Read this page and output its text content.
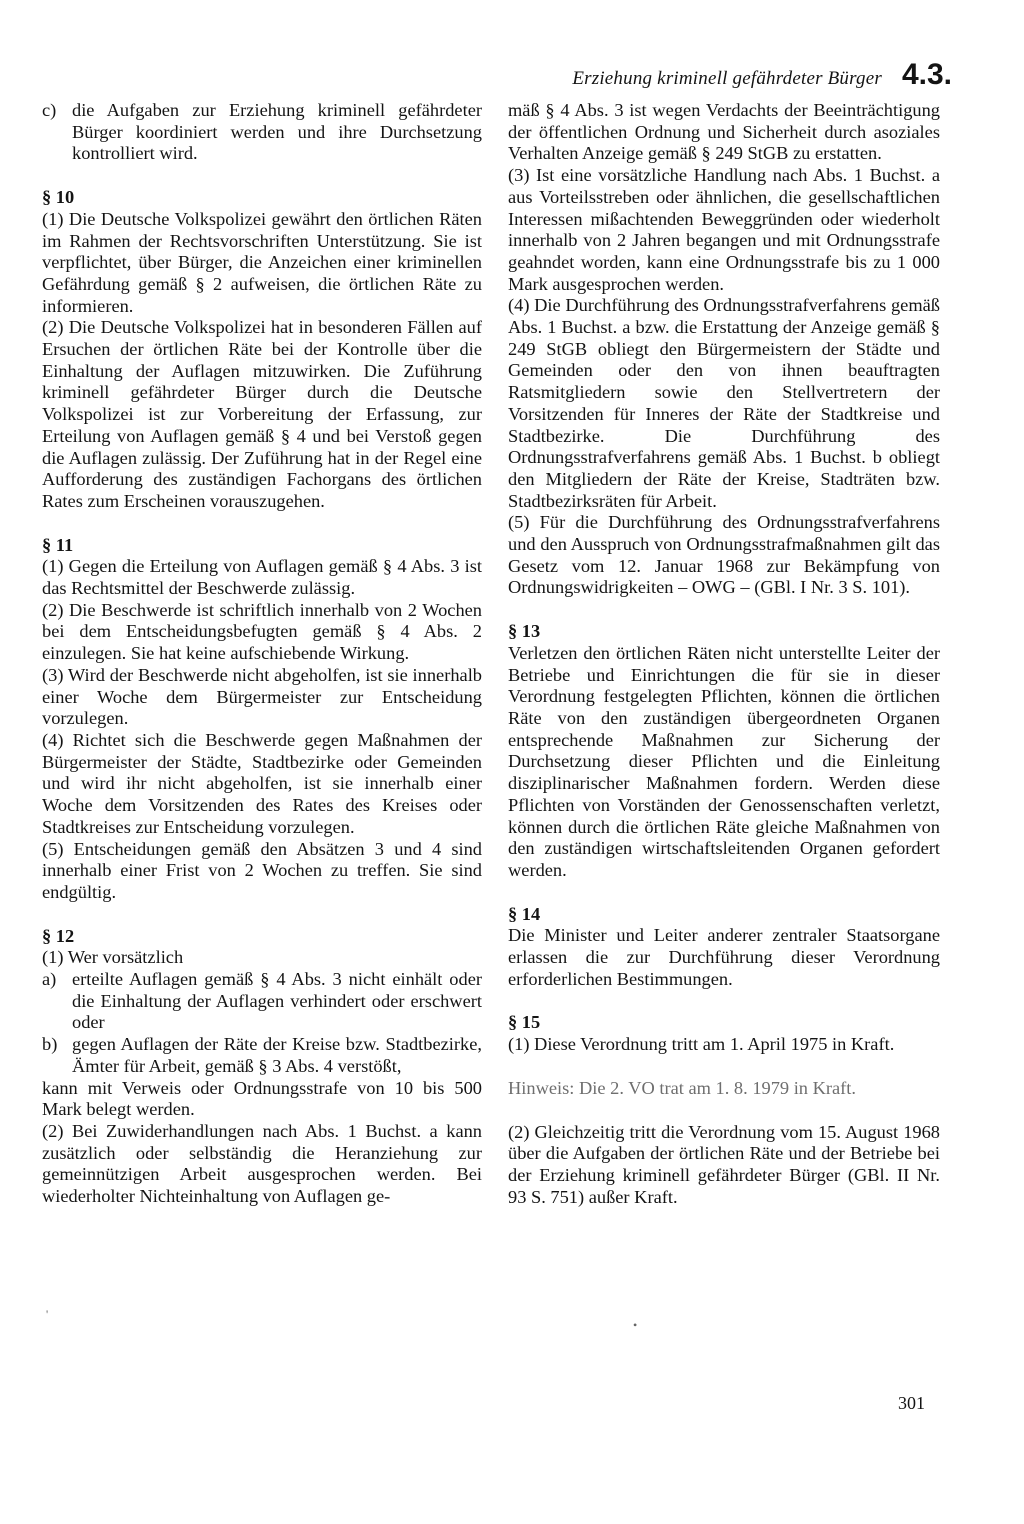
Erziehung kriminell gefährdeter Bürger 4.3.
c) die Aufgaben zur Erziehung kriminell gefährdeter Bürger koordiniert werden und ihre Durchsetzung kontrolliert wird.

§ 10

(1) Die Deutsche Volkspolizei gewährt den örtlichen Räten im Rahmen der Rechtsvorschriften Unterstützung. Sie ist verpflichtet, über Bürger, die Anzeichen einer kriminellen Gefährdung gemäß § 2 aufweisen, die örtlichen Räte zu informieren.

(2) Die Deutsche Volkspolizei hat in besonderen Fällen auf Ersuchen der örtlichen Räte bei der Kontrolle über die Einhaltung der Auflagen mitzuwirken. Die Zuführung kriminell gefährdeter Bürger durch die Deutsche Volkspolizei ist zur Vorbereitung der Erfassung, zur Erteilung von Auflagen gemäß § 4 und bei Verstoß gegen die Auflagen zulässig. Der Zuführung hat in der Regel eine Aufforderung des zuständigen Fachorgans des örtlichen Rates zum Erscheinen vorauszugehen.

§ 11

(1) Gegen die Erteilung von Auflagen gemäß § 4 Abs. 3 ist das Rechtsmittel der Beschwerde zulässig.

(2) Die Beschwerde ist schriftlich innerhalb von 2 Wochen bei dem Entscheidungsbefugten gemäß § 4 Abs. 2 einzulegen. Sie hat keine aufschiebende Wirkung.

(3) Wird der Beschwerde nicht abgeholfen, ist sie innerhalb einer Woche dem Bürgermeister zur Entscheidung vorzulegen.

(4) Richtet sich die Beschwerde gegen Maßnahmen der Bürgermeister der Städte, Stadtbezirke oder Gemeinden und wird ihr nicht abgeholfen, ist sie innerhalb einer Woche dem Vorsitzenden des Rates des Kreises oder Stadtkreises zur Entscheidung vorzulegen.

(5) Entscheidungen gemäß den Absätzen 3 und 4 sind innerhalb einer Frist von 2 Wochen zu treffen. Sie sind endgültig.

§ 12

(1) Wer vorsätzlich

a) erteilte Auflagen gemäß § 4 Abs. 3 nicht einhält oder die Einhaltung der Auflagen verhindert oder erschwert oder
b) gegen Auflagen der Räte der Kreise bzw. Stadtbezirke, Ämter für Arbeit, gemäß § 3 Abs. 4 verstößt,

kann mit Verweis oder Ordnungsstrafe von 10 bis 500 Mark belegt werden.

(2) Bei Zuwiderhandlungen nach Abs. 1 Buchst. a kann zusätzlich oder selbständig die Heranziehung zur gemeinnützigen Arbeit ausgesprochen werden. Bei wiederholter Nichteinhaltung von Auflagen ge-

mäß § 4 Abs. 3 ist wegen Verdachts der Beeinträchtigung der öffentlichen Ordnung und Sicherheit durch asoziales Verhalten Anzeige gemäß § 249 StGB zu erstatten.

(3) Ist eine vorsätzliche Handlung nach Abs. 1 Buchst. a aus Vorteilsstreben oder ähnlichen, die gesellschaftlichen Interessen mißachtenden Beweggründen oder wiederholt innerhalb von 2 Jahren begangen und mit Ordnungsstrafe geahndet worden, kann eine Ordnungsstrafe bis zu 1 000 Mark ausgesprochen werden.

(4) Die Durchführung des Ordnungsstrafverfahrens gemäß Abs. 1 Buchst. a bzw. die Erstattung der Anzeige gemäß § 249 StGB obliegt den Bürgermeistern der Städte und Gemeinden oder den von ihnen beauftragten Ratsmitgliedern sowie den Stellvertretern der Vorsitzenden für Inneres der Räte der Stadtkreise und Stadtbezirke. Die Durchführung des Ordnungsstrafverfahrens gemäß Abs. 1 Buchst. b obliegt den Mitgliedern der Räte der Kreise, Stadträten bzw. Stadtbezirksräten für Arbeit.

(5) Für die Durchführung des Ordnungsstrafverfahrens und den Ausspruch von Ordnungsstrafmaßnahmen gilt das Gesetz vom 12. Januar 1968 zur Bekämpfung von Ordnungswidrigkeiten – OWG – (GBl. I Nr. 3 S. 101).

§ 13

Verletzen den örtlichen Räten nicht unterstellte Leiter der Betriebe und Einrichtungen die für sie in dieser Verordnung festgelegten Pflichten, können die örtlichen Räte von den zuständigen übergeordneten Organen entsprechende Maßnahmen zur Sicherung der Durchsetzung dieser Pflichten und die Einleitung disziplinarischer Maßnahmen fordern. Werden diese Pflichten von Vorständen der Genossenschaften verletzt, können durch die örtlichen Räte gleiche Maßnahmen von den zuständigen wirtschaftsleitenden Organen gefordert werden.

§ 14

Die Minister und Leiter anderer zentraler Staatsorgane erlassen die zur Durchführung dieser Verordnung erforderlichen Bestimmungen.

§ 15

(1) Diese Verordnung tritt am 1. April 1975 in Kraft.

Hinweis: Die 2. VO trat am 1. 8. 1979 in Kraft.

(2) Gleichzeitig tritt die Verordnung vom 15. August 1968 über die Aufgaben der örtlichen Räte und der Betriebe bei der Erziehung kriminell gefährdeter Bürger (GBl. II Nr. 93 S. 751) außer Kraft.

301
•
'
